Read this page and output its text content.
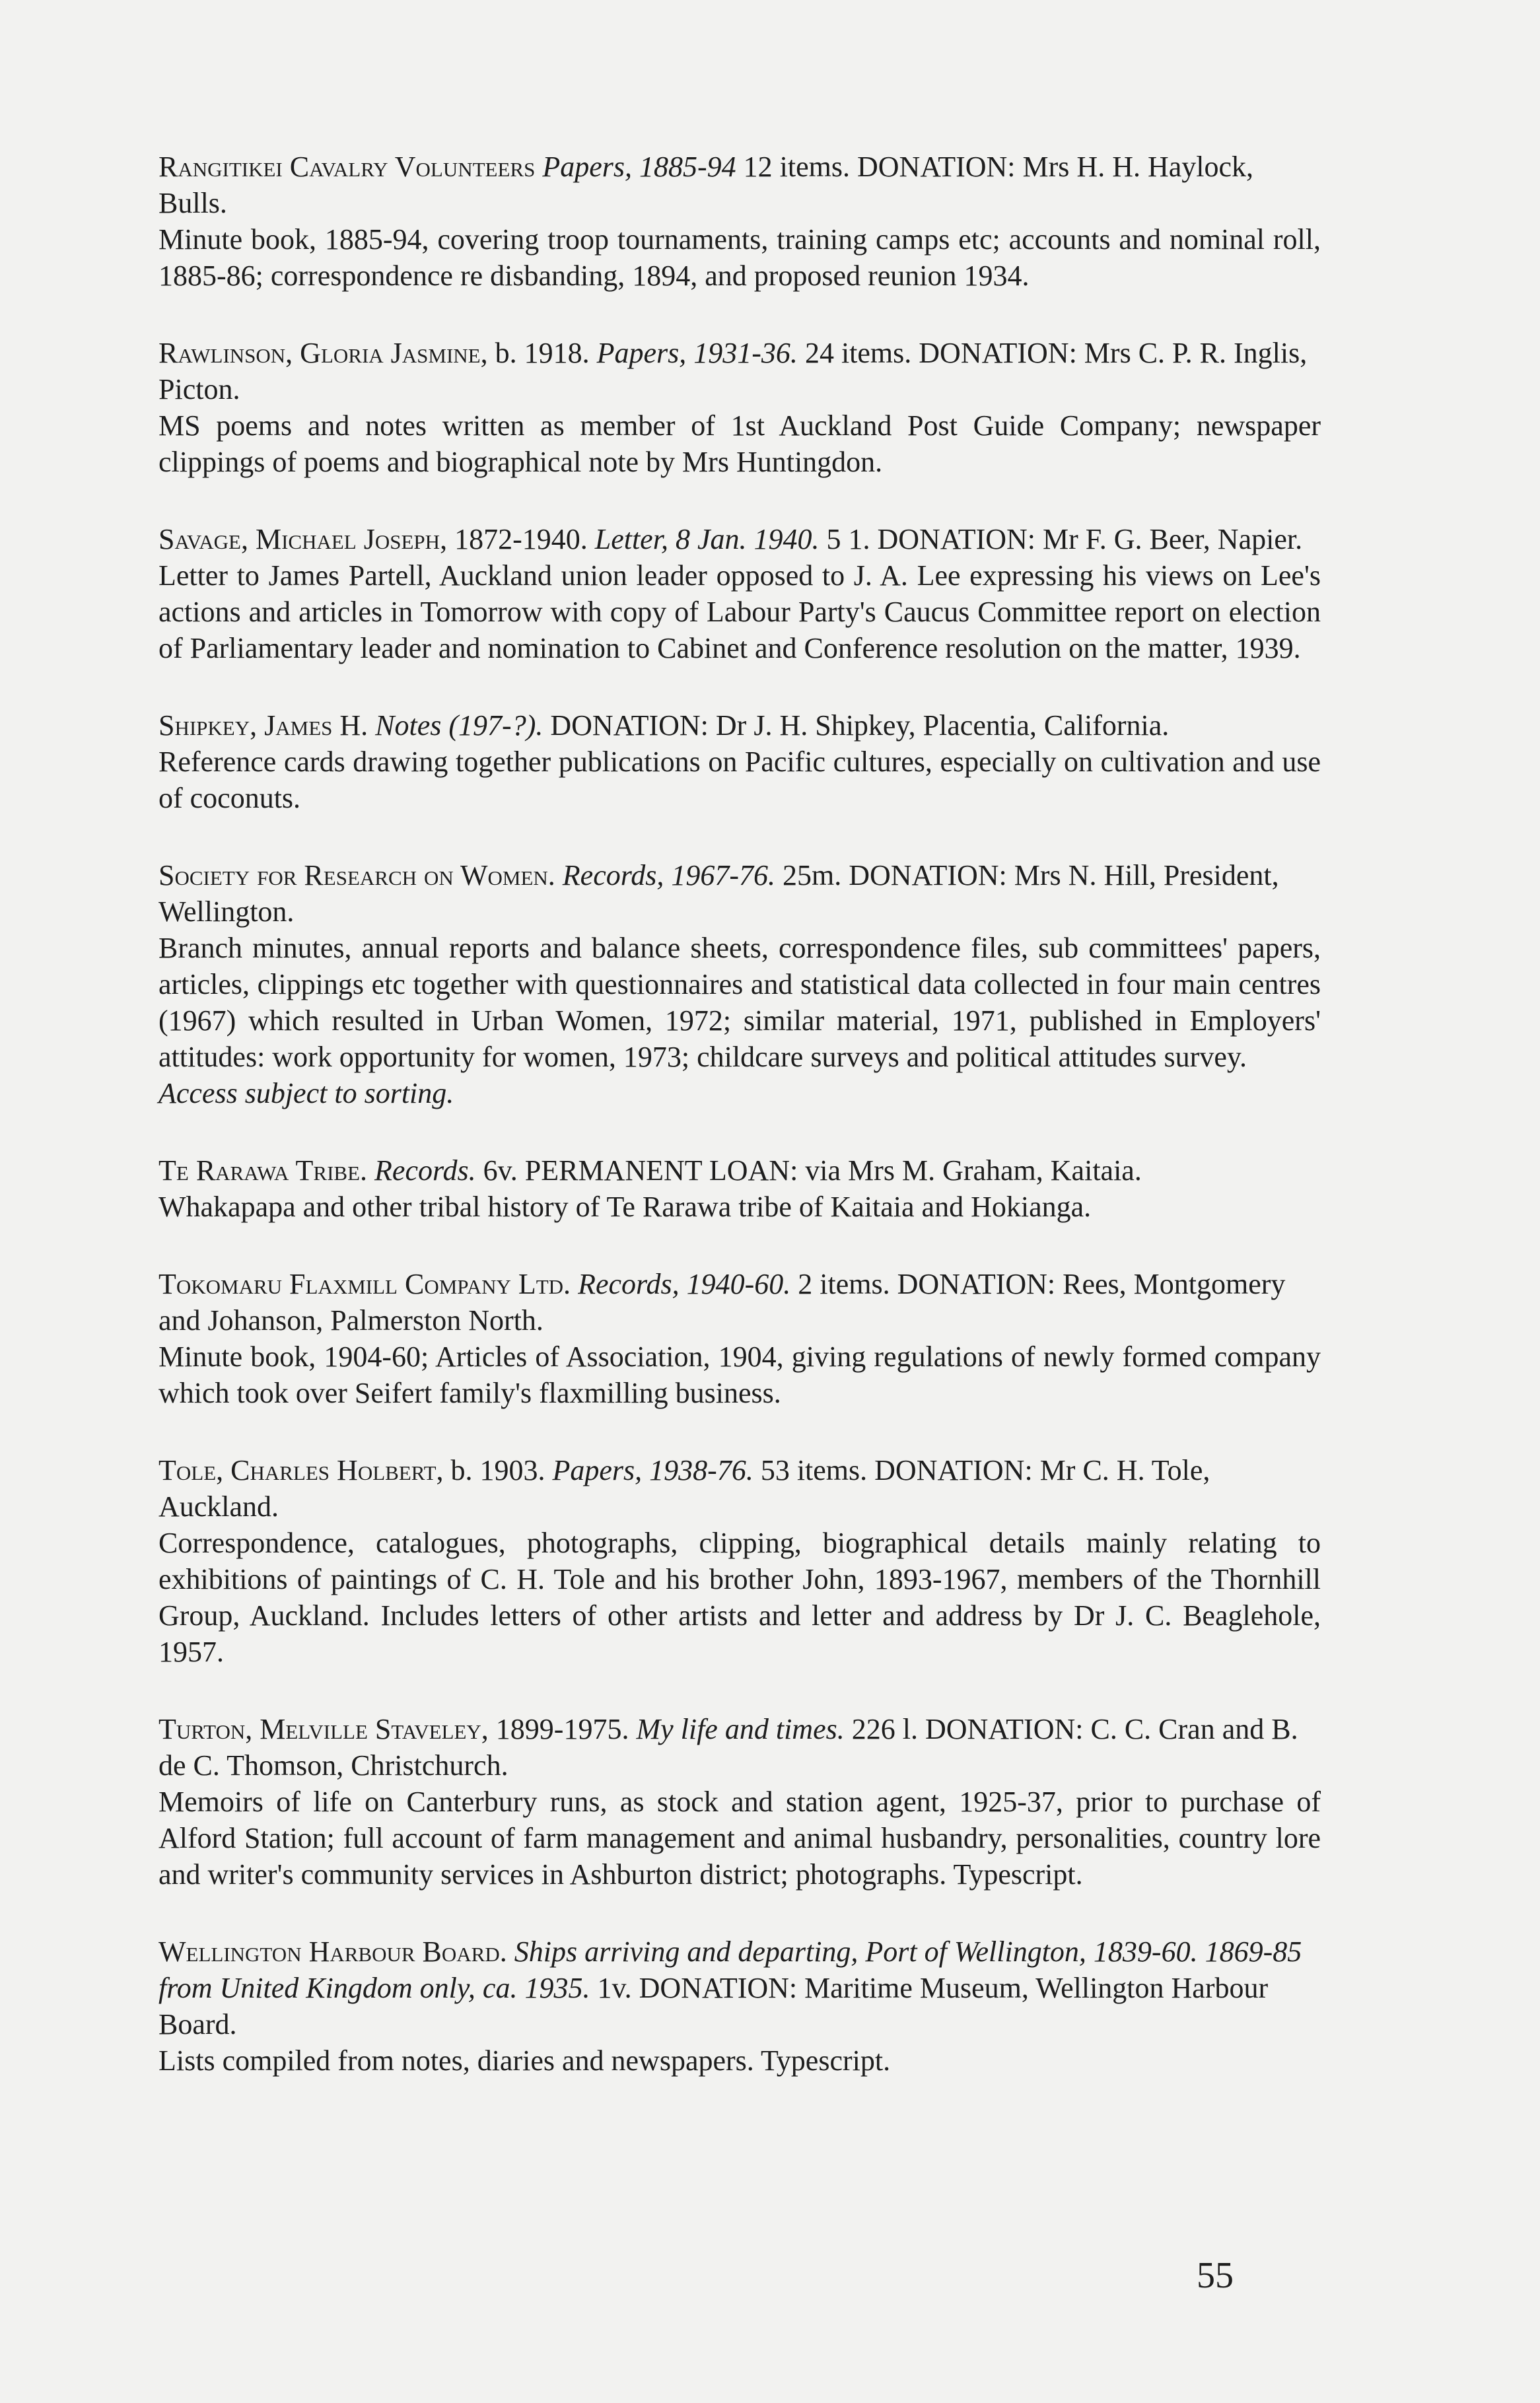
Rangitikei Cavalry Volunteers Papers, 1885-94 12 items. DONATION: Mrs H. H. Haylock, Bulls.

Minute book, 1885-94, covering troop tournaments, training camps etc; accounts and nominal roll, 1885-86; correspondence re disbanding, 1894, and proposed reunion 1934.

Rawlinson, Gloria Jasmine, b. 1918. Papers, 1931-36. 24 items. DONATION: Mrs C. P. R. Inglis, Picton.

MS poems and notes written as member of 1st Auckland Post Guide Company; newspaper clippings of poems and biographical note by Mrs Huntingdon.

Savage, Michael Joseph, 1872-1940. Letter, 8 Jan. 1940. 5 1. DONATION: Mr F. G. Beer, Napier.

Letter to James Partell, Auckland union leader opposed to J. A. Lee expressing his views on Lee's actions and articles in Tomorrow with copy of Labour Party's Caucus Committee report on election of Parliamentary leader and nomination to Cabinet and Conference resolution on the matter, 1939.

Shipkey, James H. Notes (197-?). DONATION: Dr J. H. Shipkey, Placentia, California.

Reference cards drawing together publications on Pacific cultures, especially on cultivation and use of coconuts.

Society for Research on Women. Records, 1967-76. 25m. DONATION: Mrs N. Hill, President, Wellington.

Branch minutes, annual reports and balance sheets, correspondence files, sub committees' papers, articles, clippings etc together with questionnaires and statistical data collected in four main centres (1967) which resulted in Urban Women, 1972; similar material, 1971, published in Employers' attitudes: work opportunity for women, 1973; childcare surveys and political attitudes survey.

Access subject to sorting.

Te Rarawa Tribe. Records. 6v. PERMANENT LOAN: via Mrs M. Graham, Kaitaia.

Whakapapa and other tribal history of Te Rarawa tribe of Kaitaia and Hokianga.

Tokomaru Flaxmill Company Ltd. Records, 1940-60. 2 items. DONATION: Rees, Montgomery and Johanson, Palmerston North.

Minute book, 1904-60; Articles of Association, 1904, giving regulations of newly formed company which took over Seifert family's flaxmilling business.

Tole, Charles Holbert, b. 1903. Papers, 1938-76. 53 items. DONATION: Mr C. H. Tole, Auckland.

Correspondence, catalogues, photographs, clipping, biographical details mainly relating to exhibitions of paintings of C. H. Tole and his brother John, 1893-1967, members of the Thornhill Group, Auckland. Includes letters of other artists and letter and address by Dr J. C. Beaglehole, 1957.

Turton, Melville Staveley, 1899-1975. My life and times. 226 l. DONATION: C. C. Cran and B. de C. Thomson, Christchurch.

Memoirs of life on Canterbury runs, as stock and station agent, 1925-37, prior to purchase of Alford Station; full account of farm management and animal husbandry, personalities, country lore and writer's community services in Ashburton district; photographs. Typescript.

Wellington Harbour Board. Ships arriving and departing, Port of Wellington, 1839-60. 1869-85 from United Kingdom only, ca. 1935. 1v. DONATION: Maritime Museum, Wellington Harbour Board.

Lists compiled from notes, diaries and newspapers. Typescript.

55
